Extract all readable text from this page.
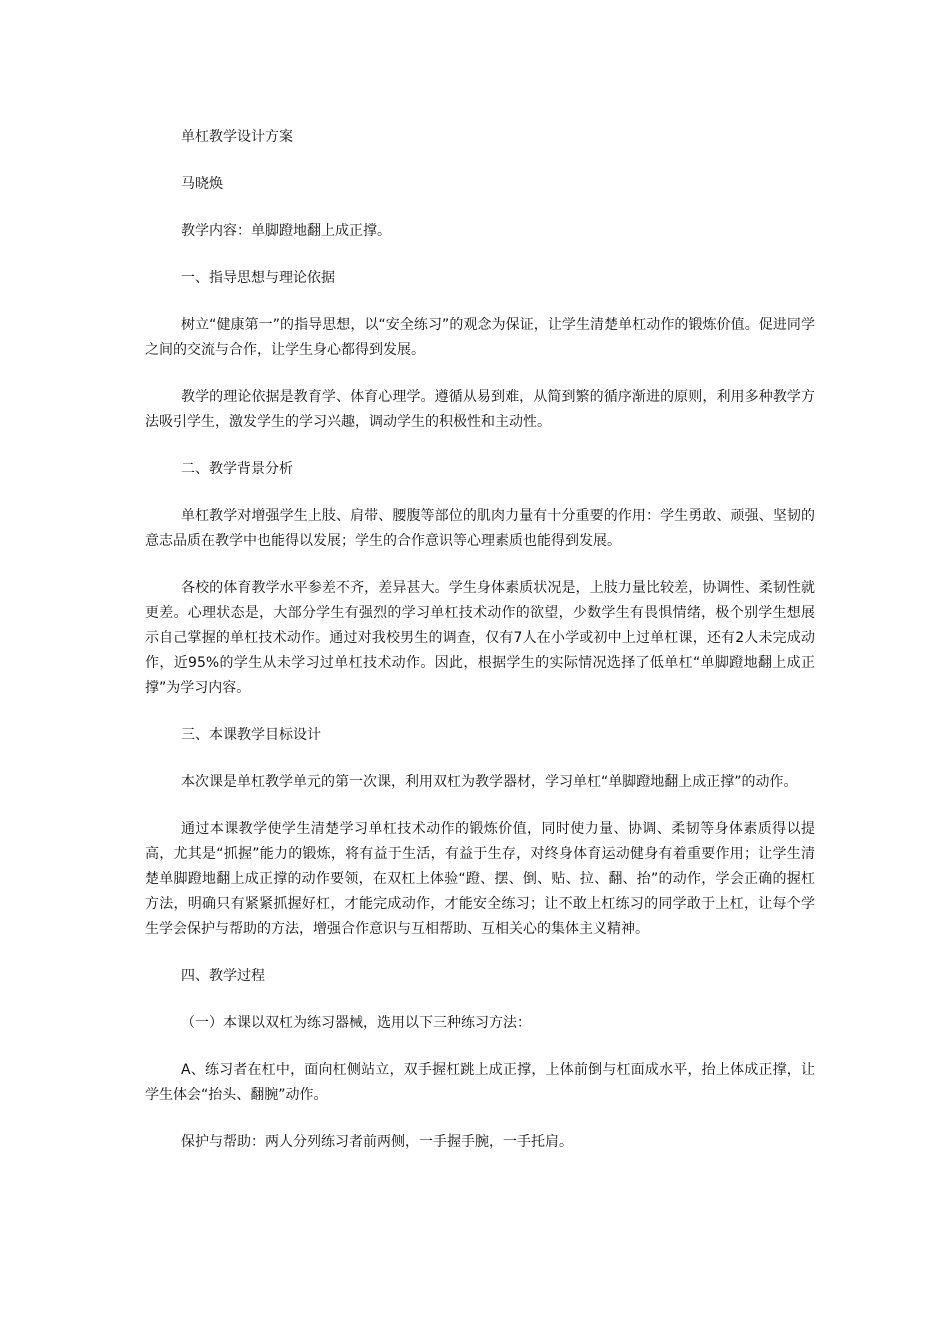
单杠教学设计方案

马晓焕

教学内容：单脚蹬地翻上成正撑。

一、指导思想与理论依据

树立“健康第一”的指导思想，以“安全练习”的观念为保证，让学生清楚单杠动作的锻炼价值。促进同学之间的交流与合作，让学生身心都得到发展。

教学的理论依据是教育学、体育心理学。遵循从易到难，从简到繁的循序渐进的原则，利用多种教学方法吸引学生，激发学生的学习兴趣，调动学生的积极性和主动性。

二、教学背景分析

单杠教学对增强学生上肢、肩带、腰腹等部位的肌肉力量有十分重要的作用：学生勇敢、顽强、坚韧的意志品质在教学中也能得以发展；学生的合作意识等心理素质也能得到发展。

各校的体育教学水平参差不齐，差异甚大。学生身体素质状况是，上肢力量比较差，协调性、柔韧性就更差。心理状态是，大部分学生有强烈的学习单杠技术动作的欲望，少数学生有畏惧情绪，极个别学生想展示自己掌握的单杠技术动作。通过对我校男生的调查，仅有7人在小学或初中上过单杠课，还有2人未完成动作，近95%的学生从未学习过单杠技术动作。因此，根据学生的实际情况选择了低单杠“单脚蹬地翻上成正撑”为学习内容。

三、本课教学目标设计

本次课是单杠教学单元的第一次课，利用双杠为教学器材，学习单杠“单脚蹬地翻上成正撑”的动作。

通过本课教学使学生清楚学习单杠技术动作的锻炼价值，同时使力量、协调、柔韧等身体素质得以提高，尤其是“抓握”能力的锻炼，将有益于生活，有益于生存，对终身体育运动健身有着重要作用；让学生清楚单脚蹬地翻上成正撑的动作要领，在双杠上体验“蹬、摆、倒、贴、拉、翻、抬”的动作，学会正确的握杠方法，明确只有紧紧抓握好杠，才能完成动作，才能安全练习；让不敢上杠练习的同学敢于上杠，让每个学生学会保护与帮助的方法，增强合作意识与互相帮助、互相关心的集体主义精神。

四、教学过程

（一）本课以双杠为练习器械，选用以下三种练习方法：

A、练习者在杠中，面向杠侧站立，双手握杠跳上成正撑，上体前倒与杠面成水平，抬上体成正撑，让学生体会“抬头、翻腕”动作。

保护与帮助：两人分列练习者前两侧，一手握手腕，一手托肩。
